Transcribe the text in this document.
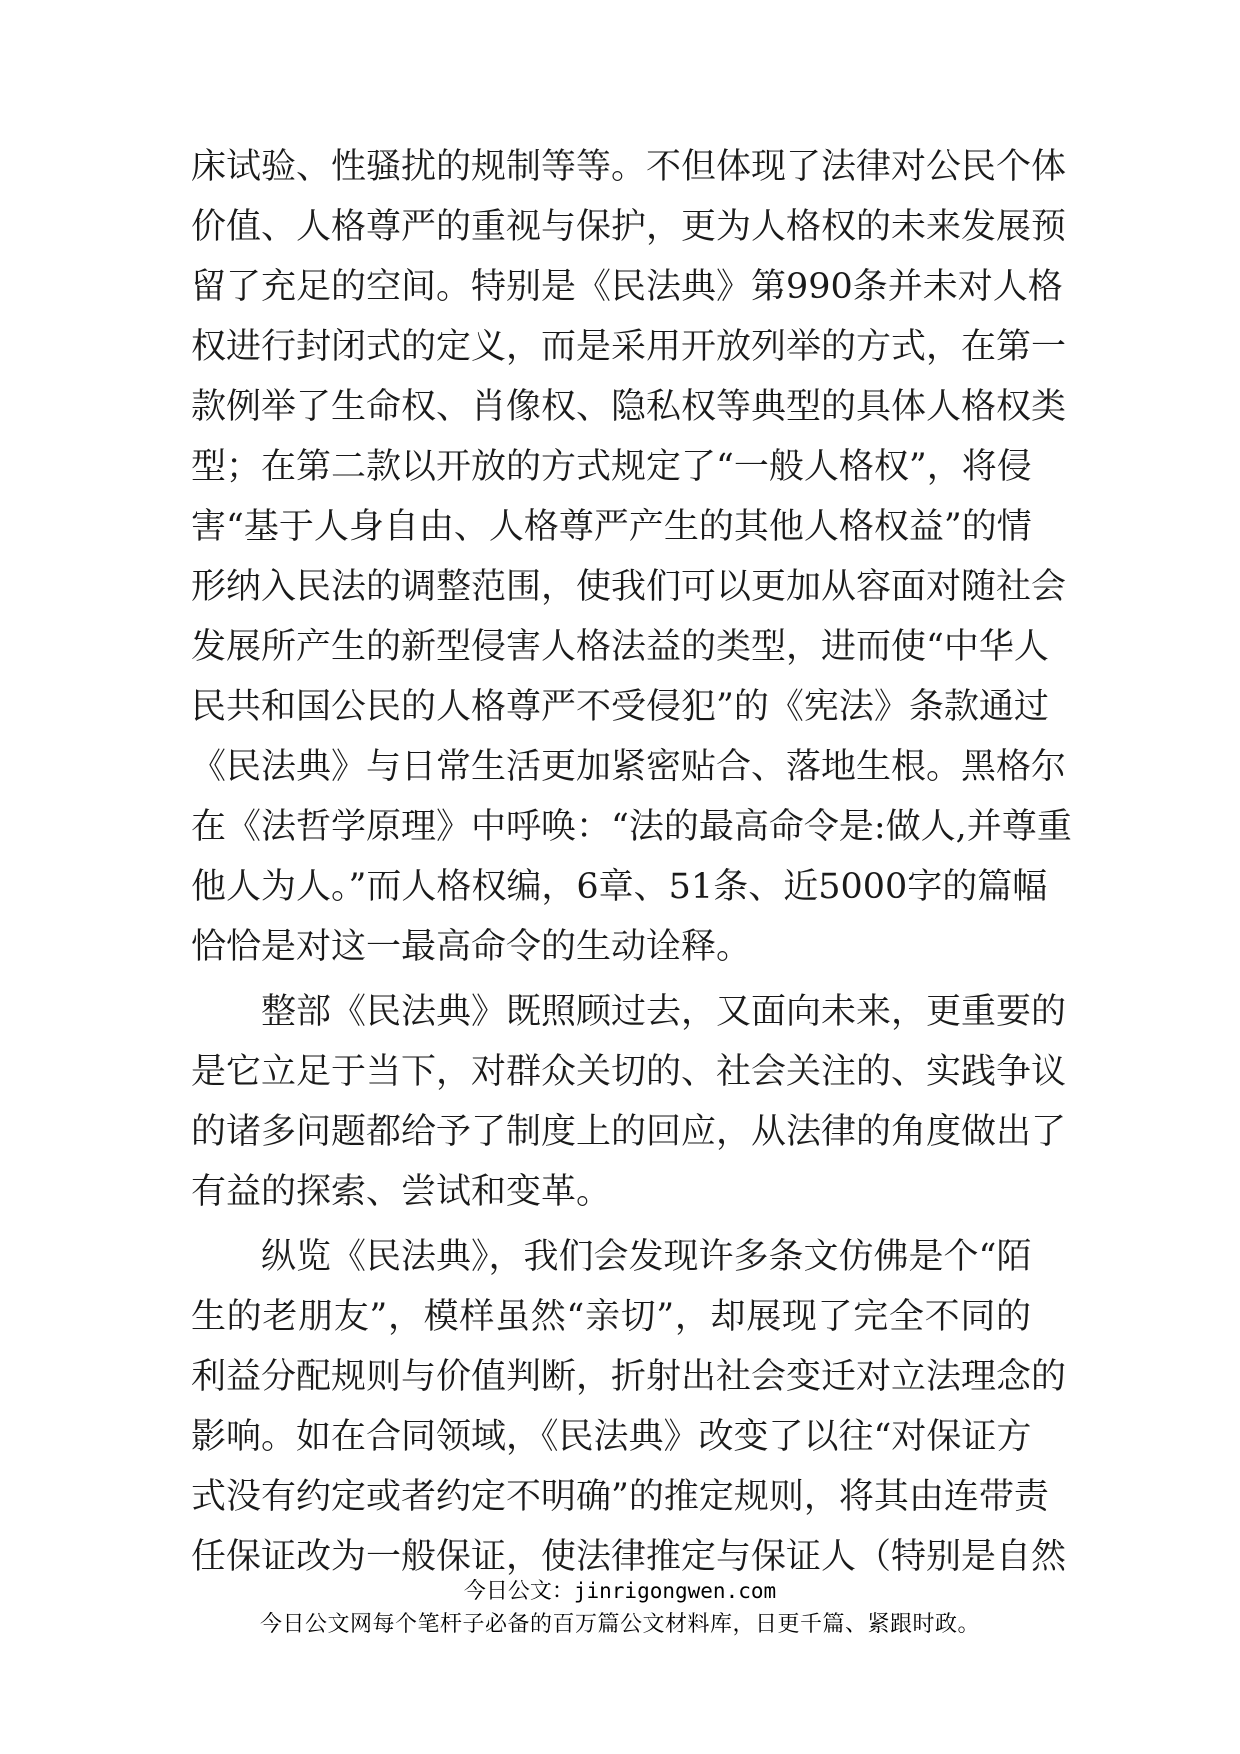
床试验、性骚扰的规制等等。不但体现了法律对公民个体

价值、人格尊严的重视与保护，更为人格权的未来发展预

留了充足的空间。特别是《民法典》第990条并未对人格

权进行封闭式的定义，而是采用开放列举的方式，在第一

款例举了生命权、肖像权、隐私权等典型的具体人格权类

型；在第二款以开放的方式规定了“一般人格权”，将侵

害“基于人身自由、人格尊严产生的其他人格权益”的情

形纳入民法的调整范围，使我们可以更加从容面对随社会

发展所产生的新型侵害人格法益的类型，进而使“中华人

民共和国公民的人格尊严不受侵犯”的《宪法》条款通过

《民法典》与日常生活更加紧密贴合、落地生根。黑格尔

在《法哲学原理》中呼唤：“法的最高命令是:做人,并尊重

他人为人。”而人格权编，6章、51条、近5000字的篇幅

恰恰是对这一最高命令的生动诠释。

整部《民法典》既照顾过去，又面向未来，更重要的

是它立足于当下，对群众关切的、社会关注的、实践争议

的诸多问题都给予了制度上的回应，从法律的角度做出了

有益的探索、尝试和变革。

纵览《民法典》，我们会发现许多条文仿佛是个“陌

生的老朋友”，模样虽然“亲切”，却展现了完全不同的

利益分配规则与价值判断，折射出社会变迁对立法理念的

影响。如在合同领域，《民法典》改变了以往“对保证方

式没有约定或者约定不明确”的推定规则，将其由连带责

任保证改为一般保证，使法律推定与保证人（特别是自然

今日公文：jinrigongwen.com
今日公文网每个笔杆子必备的百万篇公文材料库，日更千篇、紧跟时政。
